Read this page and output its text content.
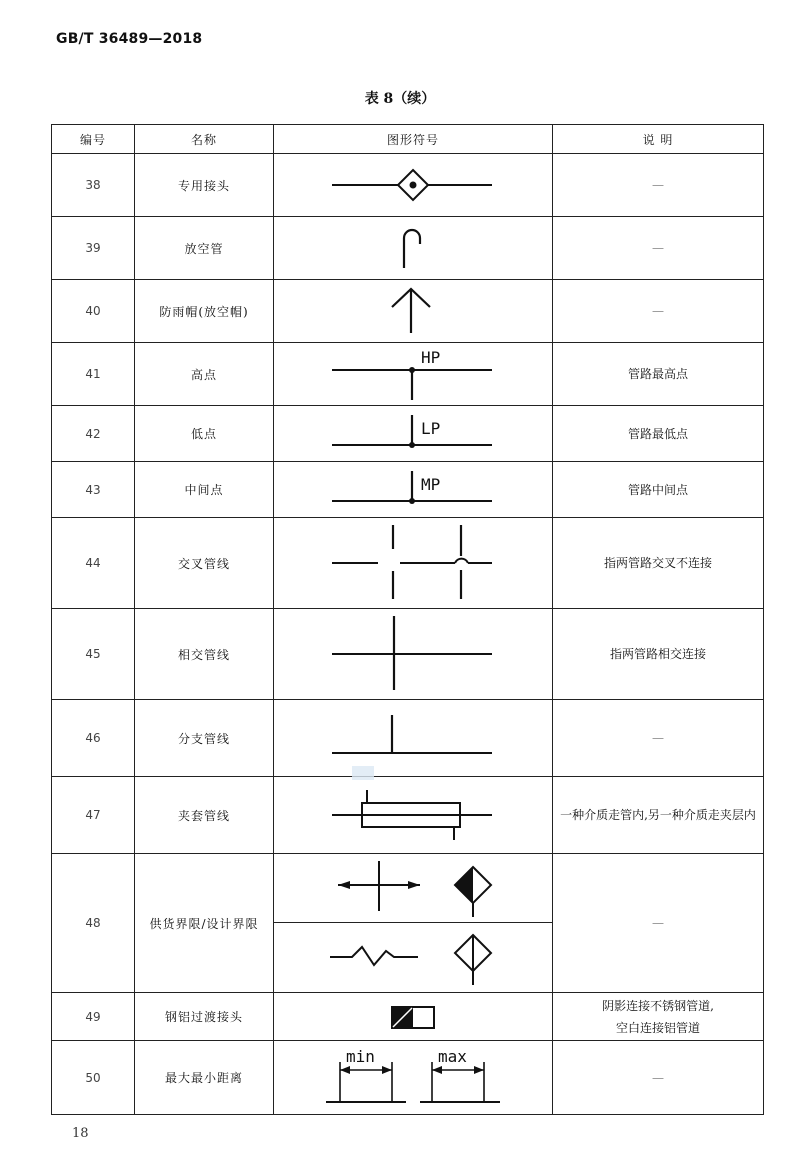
GB/T 36489—2018
表 8（续）
编号	名称	图形符号	说 明
38	专用接头		—
39	放空管		—
40	防雨帽(放空帽)		—
41	高点	HP	管路最高点
42	低点	LP	管路最低点
43	中间点	MP	管路中间点
44	交叉管线		指两管路交叉不连接
45	相交管线		指两管路相交连接
46	分支管线		—
47	夹套管线		一种介质走管内,另一种介质走夹层内
48	供货界限/设计界限		—

49	钢铝过渡接头		阴影连接不锈钢管道,
空白连接铝管道

50	最大最小距离	min max	—
18
